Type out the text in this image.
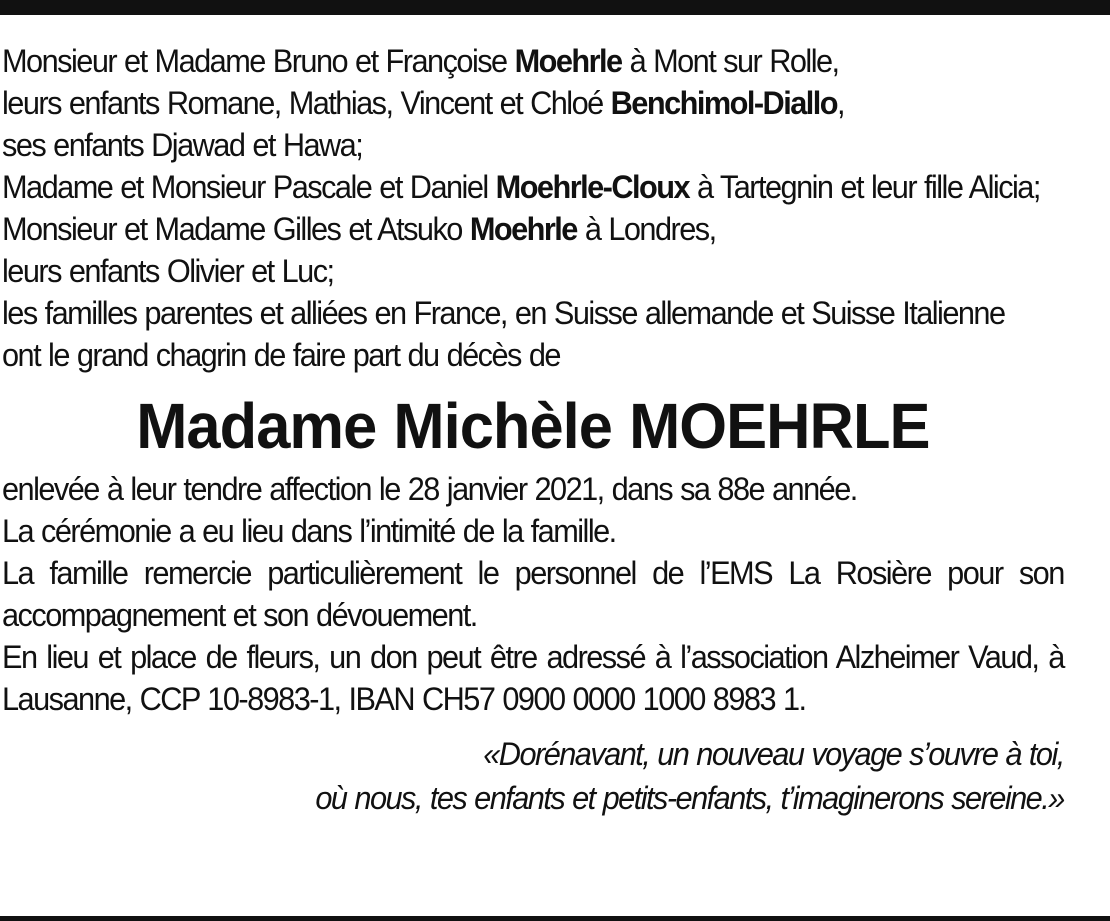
Monsieur et Madame Bruno et Françoise Moehrle à Mont sur Rolle,

leurs enfants Romane, Mathias, Vincent et Chloé Benchimol-Diallo,

ses enfants Djawad et Hawa;

Madame et Monsieur Pascale et Daniel Moehrle-Cloux à Tartegnin et leur fille Alicia;

Monsieur et Madame Gilles et Atsuko Moehrle à Londres,

leurs enfants Olivier et Luc;

les familles parentes et alliées en France, en Suisse allemande et Suisse Italienne

ont le grand chagrin de faire part du décès de

Madame Michèle MOEHRLE

enlevée à leur tendre affection le 28 janvier 2021, dans sa 88e année.

La cérémonie a eu lieu dans l’intimité de la famille.

La famille remercie particulièrement le personnel de l’EMS La Rosière pour son accompagnement et son dévouement.

En lieu et place de fleurs, un don peut être adressé à l’association Alzheimer Vaud, à Lausanne, CCP 10-8983-1, IBAN CH57 0900 0000 1000 8983 1.

«Dorénavant, un nouveau voyage s’ouvre à toi,
où nous, tes enfants et petits-enfants, t’imaginerons sereine.»
